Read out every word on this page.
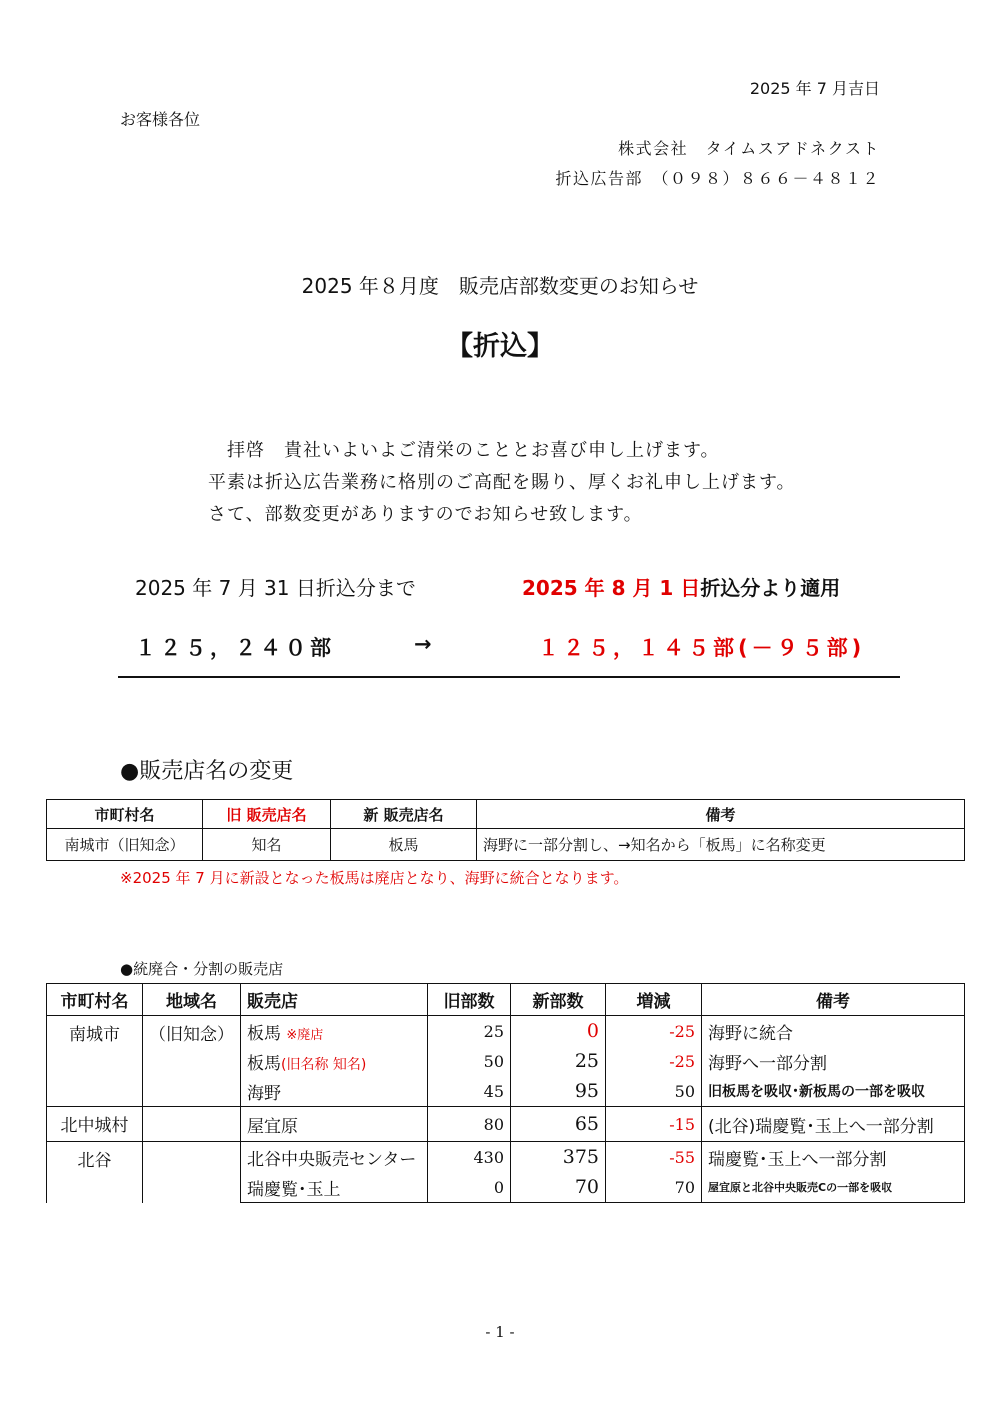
2025 年 7 月吉日
お客様各位
株式会社　タイムスアドネクスト
折込広告部　（０９８）８６６－４８１２
2025 年８月度　販売店部数変更のお知らせ
【折込】
　拝啓　貴社いよいよご清栄のこととお喜び申し上げます。
平素は折込広告業務に格別のご高配を賜り、厚くお礼申し上げます。
さて、部数変更がありますのでお知らせ致します。
2025 年 7 月 31 日折込分まで	2025 年 8 月 1 日折込分より適用
１２５，２４０部	→	１２５，１４５部(－９５部)
●販売店名の変更
市町村名	旧 販売店名	新 販売店名	備考
南城市（旧知念）	知名	板馬	海野に一部分割し、→知名から「板馬」に名称変更
※2025 年 7 月に新設となった板馬は廃店となり、海野に統合となります。
●統廃合・分割の販売店
市町村名	地域名	販売店	旧部数	新部数	増減	備考
南城市	（旧知念）	板馬 ※廃店	25	0	-25	海野に統合
		板馬(旧名称 知名)	50	25	-25	海野へ一部分割
		海野	45	95	50	旧板馬を吸収･新板馬の一部を吸収
北中城村		屋宜原	80	65	-15	(北谷)瑞慶覧･玉上へ一部分割
北谷		北谷中央販売センター	430	375	-55	瑞慶覧･玉上へ一部分割
		瑞慶覧･玉上	0	70	70	屋宜原と北谷中央販売Cの一部を吸収
- 1 -
